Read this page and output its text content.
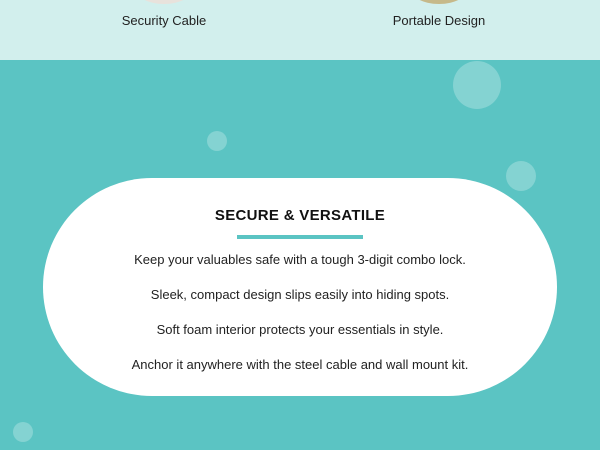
Security Cable	Portable Design
SECURE & VERSATILE
Keep your valuables safe with a tough 3-digit combo lock.
Sleek, compact design slips easily into hiding spots.
Soft foam interior protects your essentials in style.
Anchor it anywhere with the steel cable and wall mount kit.
